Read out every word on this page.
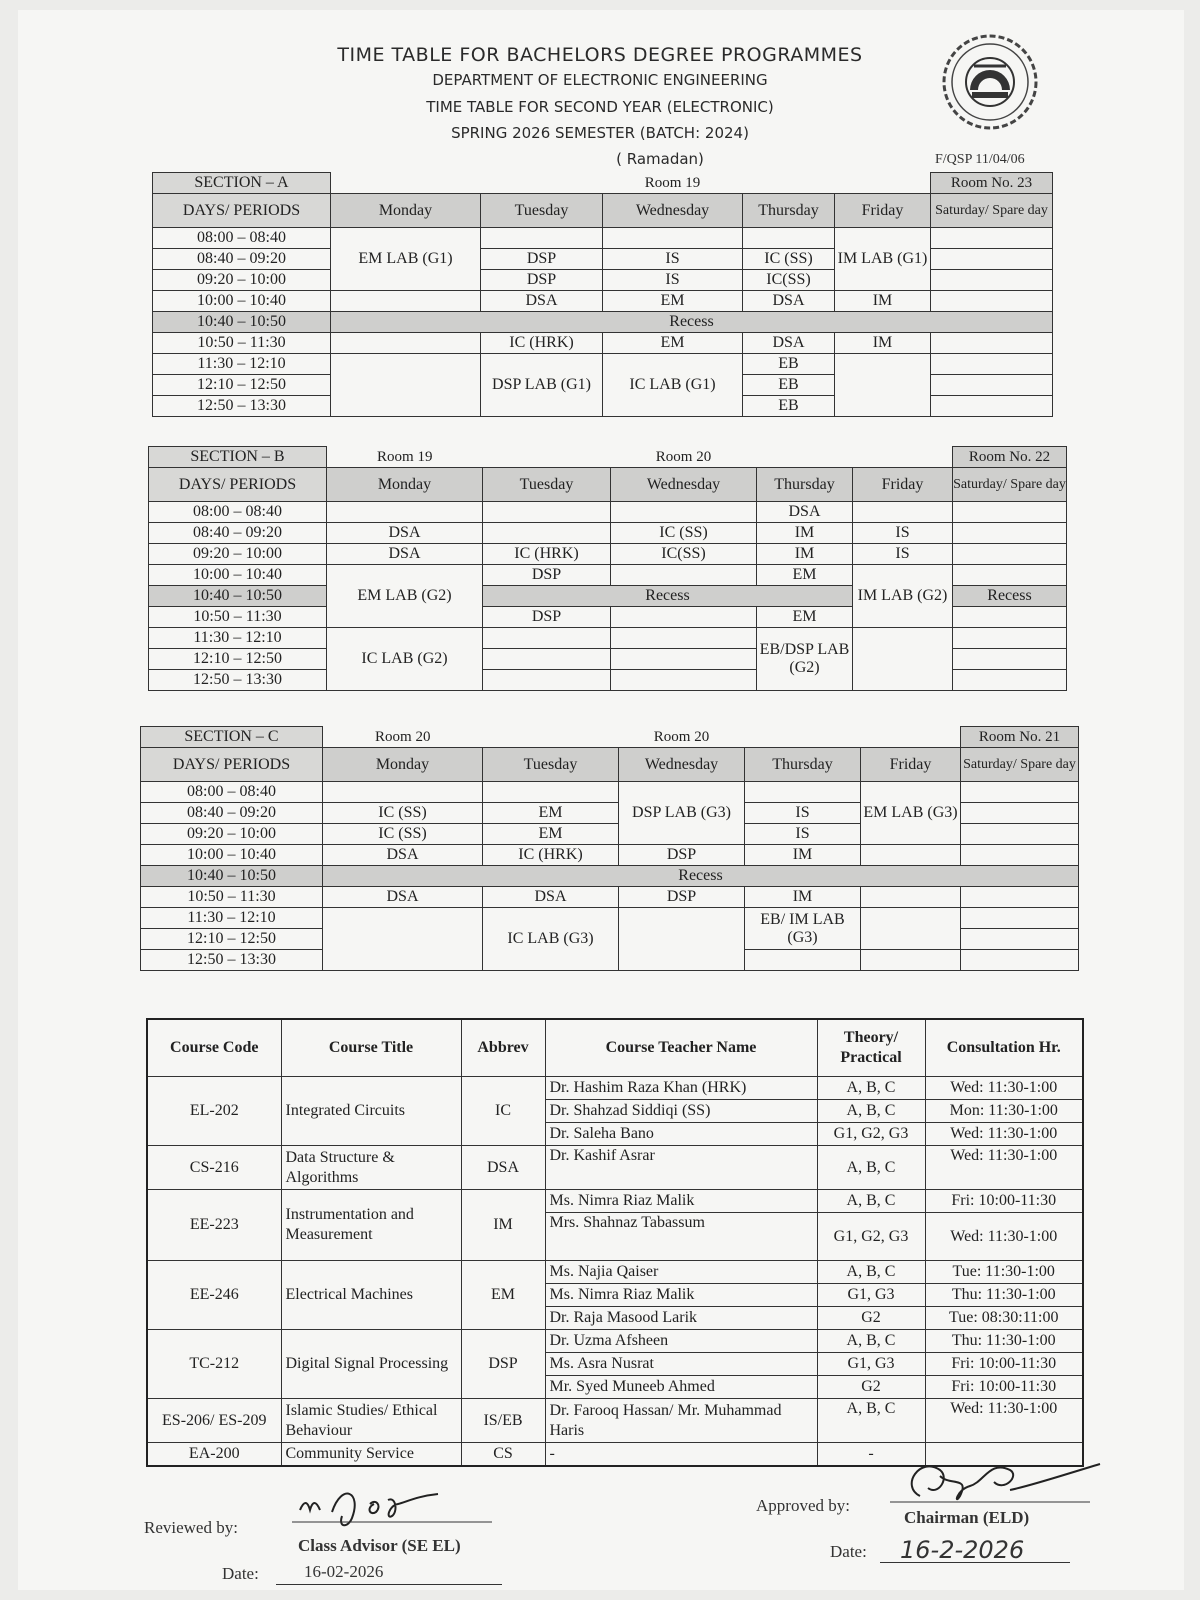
TIME TABLE FOR BACHELORS DEGREE PROGRAMMES
DEPARTMENT OF ELECTRONIC ENGINEERING
TIME TABLE FOR SECOND YEAR (ELECTRONIC)
SPRING 2026 SEMESTER (BATCH: 2024)
( Ramadan)	F/QSP 11/04/06
SECTION – A			Room 19			Room No. 23
DAYS/ PERIODS	Monday	Tuesday	Wednesday	Thursday	Friday	Saturday/ Spare day
08:00 – 08:40	EM LAB (G1)				IM LAB (G1)	
08:40 – 09:20		DSP	IS	IC (SS)		
09:20 – 10:00		DSP	IS	IC(SS)		
10:00 – 10:40		DSA	EM	DSA	IM	
10:40 – 10:50	Recess					
10:50 – 11:30		IC (HRK)	EM	DSA	IM	
11:30 – 12:10		DSP LAB (G1)	IC LAB (G1)	EB		
12:10 – 12:50				EB		
12:50 – 13:30				EB		
SECTION – B	Room 19		Room 20			Room No. 22
DAYS/ PERIODS	Monday	Tuesday	Wednesday	Thursday	Friday	Saturday/ Spare day
08:00 – 08:40				DSA		
08:40 – 09:20	DSA		IC (SS)	IM	IS	
09:20 – 10:00	DSA	IC (HRK)	IC(SS)	IM	IS	
10:00 – 10:40	EM LAB (G2)	DSP		EM	IM LAB (G2)	
10:40 – 10:50		Recess				Recess
10:50 – 11:30		DSP		EM		
11:30 – 12:10	IC LAB (G2)			EB/DSP LAB (G2)		
12:10 – 12:50						
12:50 – 13:30						
SECTION – C	Room 20		Room 20			Room No. 21
DAYS/ PERIODS	Monday	Tuesday	Wednesday	Thursday	Friday	Saturday/ Spare day
08:00 – 08:40			DSP LAB (G3)		EM LAB (G3)	
08:40 – 09:20	IC (SS)	EM		IS		
09:20 – 10:00	IC (SS)	EM		IS		
10:00 – 10:40	DSA	IC (HRK)	DSP	IM		
10:40 – 10:50	Recess					
10:50 – 11:30	DSA	DSA	DSP	IM		
11:30 – 12:10		IC LAB (G3)		EB/ IM LAB (G3)		
12:10 – 12:50						
12:50 – 13:30						
Course Code	Course Title	Abbrev	Course Teacher Name	Theory/ Practical	Consultation Hr.
EL-202	Integrated Circuits	IC	Dr. Hashim Raza Khan (HRK)	A, B, C	Wed: 11:30-1:00
			Dr. Shahzad Siddiqi (SS)	A, B, C	Mon: 11:30-1:00
			Dr. Saleha Bano	G1, G2, G3	Wed: 11:30-1:00
CS-216	Data Structure & Algorithms	DSA	Dr. Kashif Asrar	A, B, C	Wed: 11:30-1:00
EE-223	Instrumentation and Measurement	IM	Ms. Nimra Riaz Malik	A, B, C	Fri: 10:00-11:30
			Mrs. Shahnaz Tabassum	G1, G2, G3	Wed: 11:30-1:00
EE-246	Electrical Machines	EM	Ms. Najia Qaiser	A, B, C	Tue: 11:30-1:00
			Ms. Nimra Riaz Malik	G1, G3	Thu: 11:30-1:00
			Dr. Raja Masood Larik	G2	Tue: 08:30:11:00
TC-212	Digital Signal Processing	DSP	Dr. Uzma Afsheen	A, B, C	Thu: 11:30-1:00
			Ms. Asra Nusrat	G1, G3	Fri: 10:00-11:30
			Mr. Syed Muneeb Ahmed	G2	Fri: 10:00-11:30
ES-206/ ES-209	Islamic Studies/ Ethical Behaviour	IS/EB	Dr. Farooq Hassan/ Mr. Muhammad Haris	A, B, C	Wed: 11:30-1:00
EA-200	Community Service	CS	-	-	
Reviewed by:
Class Advisor (SE EL)
Date:	16-02-2026
Approved by:
Chairman (ELD)
Date: 16-2-2026
